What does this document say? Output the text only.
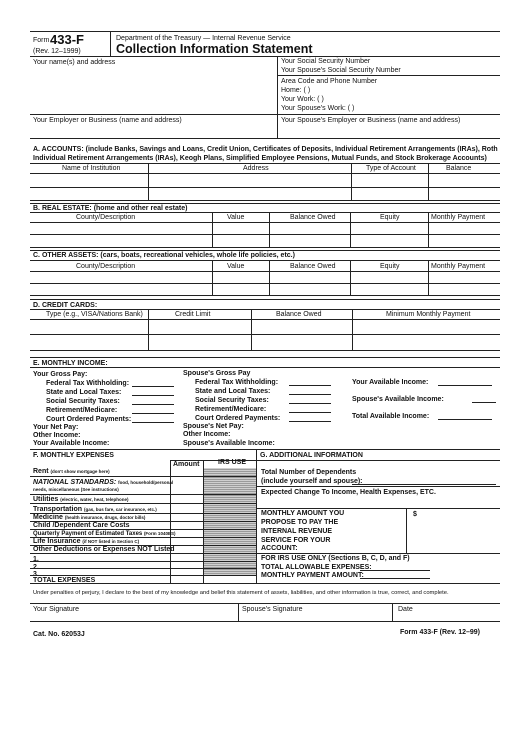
Form 433-F
(Rev. 12–1999)
Department of the Treasury — Internal Revenue Service
Collection Information Statement
Your name(s) and address	Your Social Security Number
Your Spouse's Social Security Number
Area Code and Phone Number
Home: ( )
Your Work: ( )
Your Spouse's Work: ( )
Your Employer or Business (name and address)	Your Spouse's Employer or Business (name and address)
A. ACCOUNTS: (include Banks, Savings and Loans, Credit Union, Certificates of Deposits, Individual Retirement Arrangements (IRAs), Roth
Individual Retirement Arrangements (IRAs), Keogh Plans, Simplified Employee Pensions, Mutual Funds, and Stock Brokerage Accounts)
Name of Institution	Address	Type of Account	Balance
B. REAL ESTATE: (home and other real estate)
County/Description	Value	Balance Owed	Equity	Monthly Payment
C. OTHER ASSETS: (cars, boats, recreational vehicles, whole life policies, etc.)
County/Description	Value	Balance Owed	Equity	Monthly Payment
D. CREDIT CARDS:
Type (e.g., VISA/Nations Bank)	Credit Limit	Balance Owed	Minimum Monthly Payment
E. MONTHLY INCOME:
Your Gross Pay:
Federal Tax Withholding:
State and Local Taxes:
Social Security Taxes:
Retirement/Medicare:
Court Ordered Payments:
Your Net Pay:
Other Income:
Your Available Income:
Spouse's Gross Pay
Federal Tax Withholding:
State and Local Taxes:
Social Security Taxes:
Retirement/Medicare:
Court Ordered Payments:
Spouse's Net Pay:
Other Income:
Spouse's Available Income:
Your Available Income:
Spouse's Available Income:
Total Available Income:
F. MONTHLY EXPENSES
Amount	IRS USE
Rent (don't show mortgage here)
NATIONAL STANDARDS: food, household/personal
needs, miscellaneous (See instructions)
Utilities (electric, water, heat, telephone)
Transportation (gas, bus fare, car insurance, etc.)
Medicine (health insurance, drugs, doctor bills)
Child /Dependent Care Costs
Quarterly Payment of Estimated Taxes (Form 1040ES)
Life Insurance (if NOT listed in Section C)
Other Deductions or Expenses NOT Listed
1.
2.
3.
TOTAL EXPENSES
G. ADDITIONAL INFORMATION
Total Number of Dependents
(include yourself and spouse):
Expected Change To Income, Health Expenses, ETC.
MONTHLY AMOUNT YOU
PROPOSE TO PAY THE
INTERNAL REVENUE
SERVICE FOR YOUR
ACCOUNT:
$
FOR IRS USE ONLY (Sections B, C, D, and F)
TOTAL ALLOWABLE EXPENSES:
MONTHLY PAYMENT AMOUNT:
Under penalties of perjury, I declare to the best of my knowledge and belief this statement of assets, liabilities, and other information is true, correct, and complete.
Your Signature	Spouse's Signature	Date
Cat. No. 62053J	Form 433-F (Rev. 12–99)
